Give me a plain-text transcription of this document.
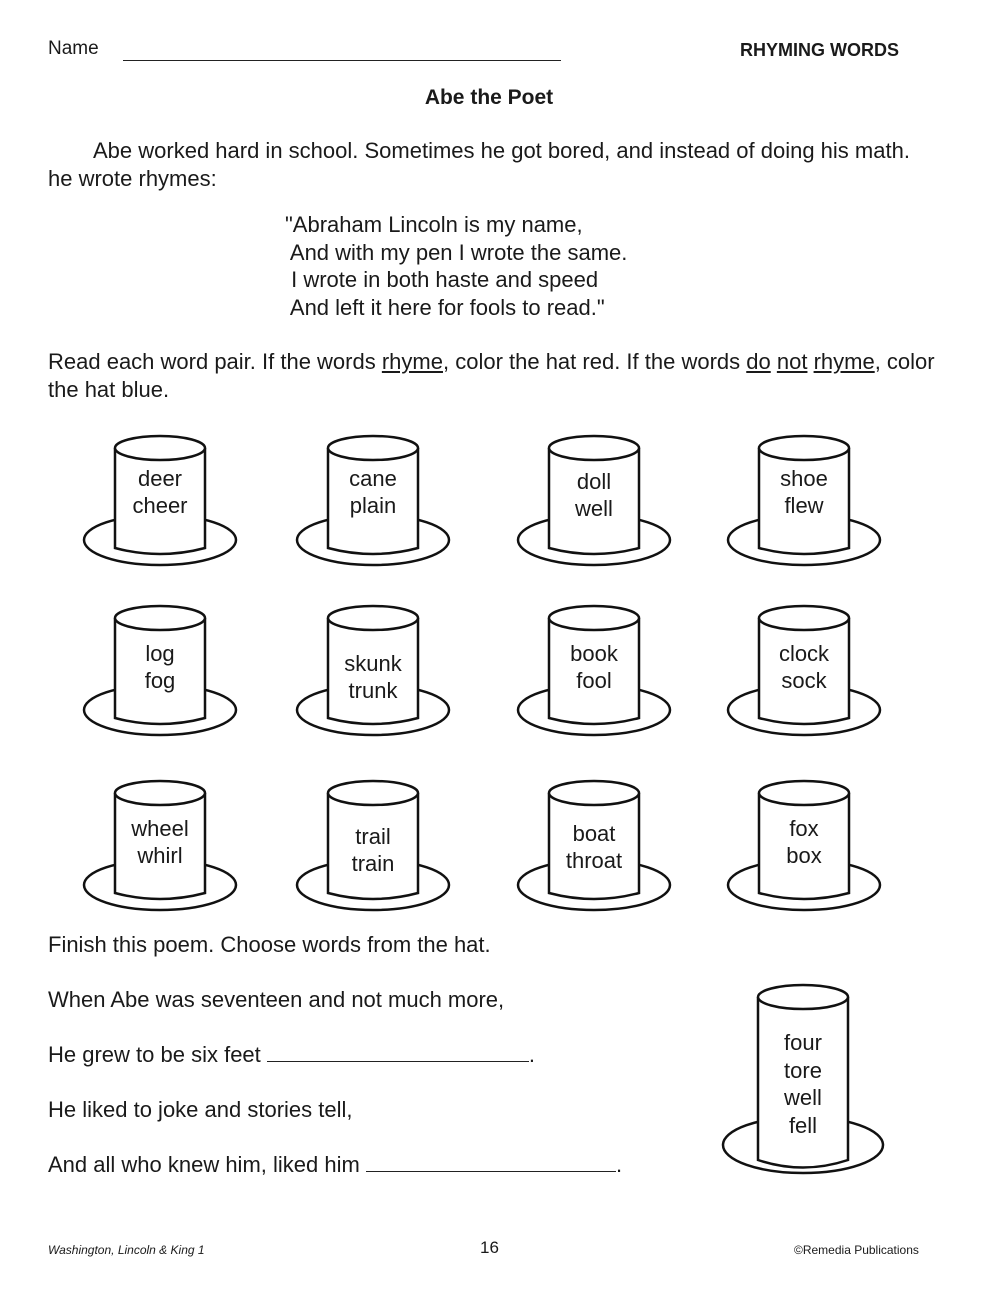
Name	RHYMING WORDS
Abe the Poet

Abe worked hard in school. Sometimes he got bored, and instead of doing his math. he wrote rhymes:

"Abraham Lincoln is my name,
And with my pen I wrote the same.
I wrote in both haste and speed
And left it here for fools to read."

Read each word pair. If the words rhyme, color the hat red. If the words do not rhyme, color the hat blue.

deer
cheer
cane
plain
doll
well
shoe
flew
log
fog
skunk
trunk
book
fool
clock
sock
wheel
whirl
trail
train
boat
throat
fox
box
Finish this poem. Choose words from the hat.
When Abe was seventeen and not much more,
He grew to be six feet	.
He liked to joke and stories tell,
And all who knew him, liked him	.
four
tore
well
fell
Washington, Lincoln & King 1	16	©Remedia Publications
